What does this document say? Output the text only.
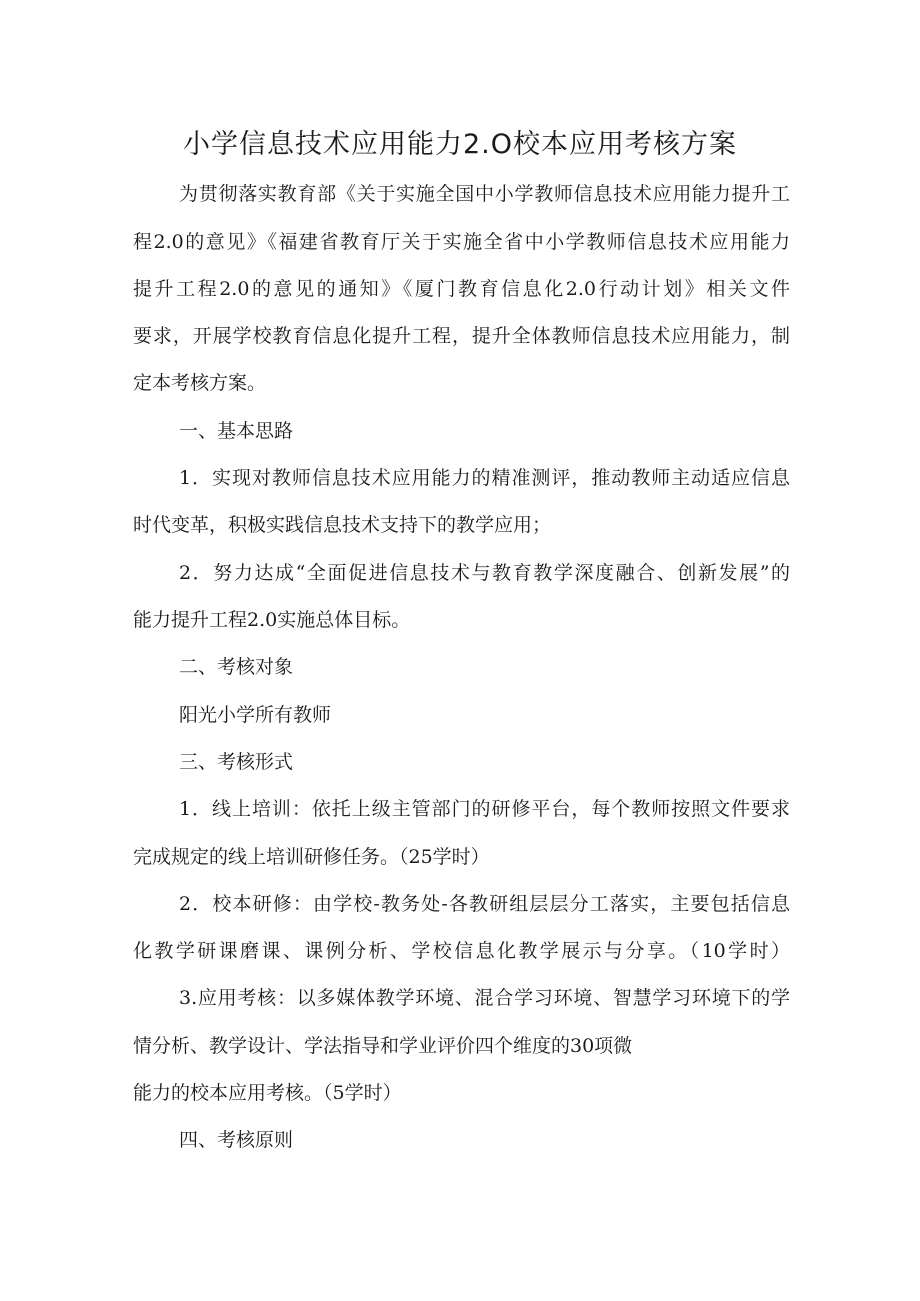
小学信息技术应用能力2.O校本应用考核方案
为贯彻落实教育部《关于实施全国中小学教师信息技术应用能力提升工
程2.0的意见》《福建省教育厅关于实施全省中小学教师信息技术应用能力
提升工程2.0的意见的通知》《厦门教育信息化2.0行动计划》相关文件
要求，开展学校教育信息化提升工程，提升全体教师信息技术应用能力，制
定本考核方案。
一、基本思路
1．实现对教师信息技术应用能力的精准测评，推动教师主动适应信息
时代变革，积极实践信息技术支持下的教学应用；
2．努力达成“全面促进信息技术与教育教学深度融合、创新发展”的
能力提升工程2.0实施总体目标。
二、考核对象
阳光小学所有教师
三、考核形式
1．线上培训：依托上级主管部门的研修平台，每个教师按照文件要求
完成规定的线上培训研修任务。（25学时）
2．校本研修：由学校-教务处-各教研组层层分工落实，主要包括信息
化教学研课磨课、课例分析、学校信息化教学展示与分享。（10学时）
3.应用考核：以多媒体教学环境、混合学习环境、智慧学习环境下的学
情分析、教学设计、学法指导和学业评价四个维度的30项微
能力的校本应用考核。（5学时）
四、考核原则
